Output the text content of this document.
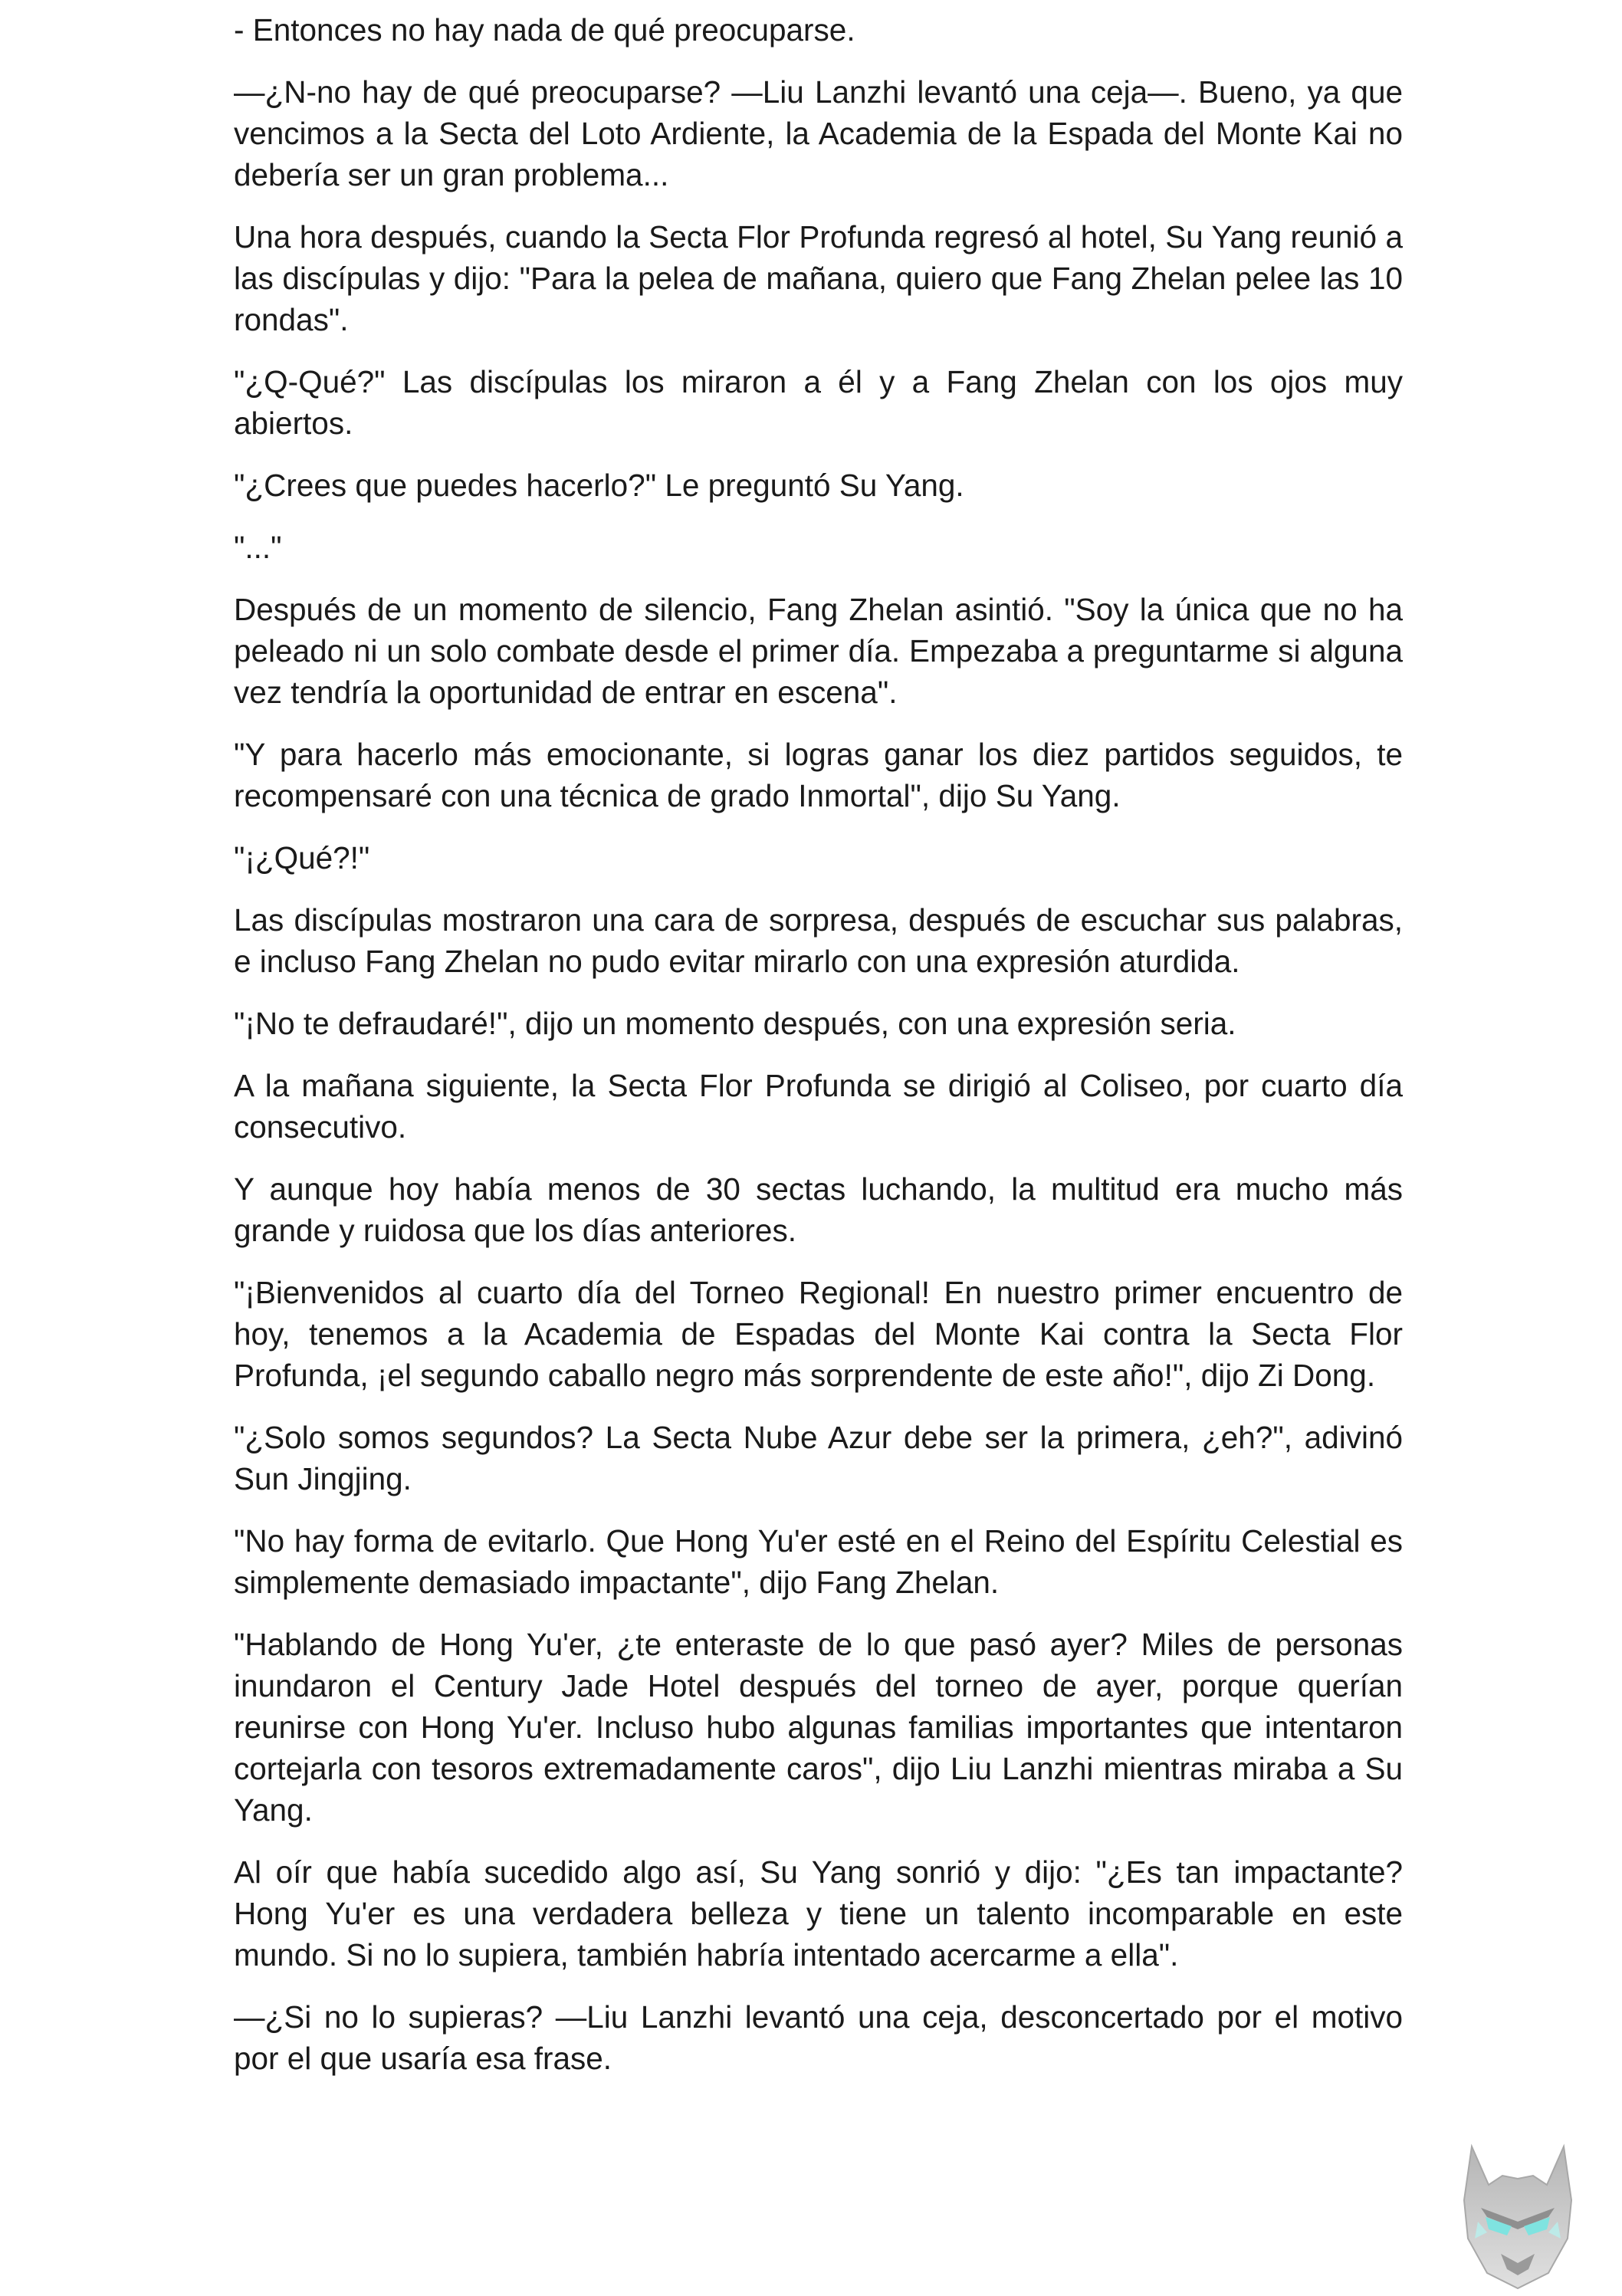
- Entonces no hay nada de qué preocuparse.

—¿N-no hay de qué preocuparse? —Liu Lanzhi levantó una ceja—. Bueno, ya que vencimos a la Secta del Loto Ardiente, la Academia de la Espada del Monte Kai no debería ser un gran problema...

Una hora después, cuando la Secta Flor Profunda regresó al hotel, Su Yang reunió a las discípulas y dijo: "Para la pelea de mañana, quiero que Fang Zhelan pelee las 10 rondas".

"¿Q-Qué?" Las discípulas los miraron a él y a Fang Zhelan con los ojos muy abiertos.

"¿Crees que puedes hacerlo?" Le preguntó Su Yang.

"..."

Después de un momento de silencio, Fang Zhelan asintió. "Soy la única que no ha peleado ni un solo combate desde el primer día. Empezaba a preguntarme si alguna vez tendría la oportunidad de entrar en escena".

"Y para hacerlo más emocionante, si logras ganar los diez partidos seguidos, te recompensaré con una técnica de grado Inmortal", dijo Su Yang.

"¡¿Qué?!"

Las discípulas mostraron una cara de sorpresa, después de escuchar sus palabras, e incluso Fang Zhelan no pudo evitar mirarlo con una expresión aturdida.

"¡No te defraudaré!", dijo un momento después, con una expresión seria.

A la mañana siguiente, la Secta Flor Profunda se dirigió al Coliseo, por cuarto día consecutivo.

Y aunque hoy había menos de 30 sectas luchando, la multitud era mucho más grande y ruidosa que los días anteriores.

"¡Bienvenidos al cuarto día del Torneo Regional! En nuestro primer encuentro de hoy, tenemos a la Academia de Espadas del Monte Kai contra la Secta Flor Profunda, ¡el segundo caballo negro más sorprendente de este año!", dijo Zi Dong.

"¿Solo somos segundos? La Secta Nube Azur debe ser la primera, ¿eh?", adivinó Sun Jingjing.

"No hay forma de evitarlo. Que Hong Yu'er esté en el Reino del Espíritu Celestial es simplemente demasiado impactante", dijo Fang Zhelan.

"Hablando de Hong Yu'er, ¿te enteraste de lo que pasó ayer? Miles de personas inundaron el Century Jade Hotel después del torneo de ayer, porque querían reunirse con Hong Yu'er. Incluso hubo algunas familias importantes que intentaron cortejarla con tesoros extremadamente caros", dijo Liu Lanzhi mientras miraba a Su Yang.

Al oír que había sucedido algo así, Su Yang sonrió y dijo: "¿Es tan impactante? Hong Yu'er es una verdadera belleza y tiene un talento incomparable en este mundo. Si no lo supiera, también habría intentado acercarme a ella".

—¿Si no lo supieras? —Liu Lanzhi levantó una ceja, desconcertado por el motivo por el que usaría esa frase.
